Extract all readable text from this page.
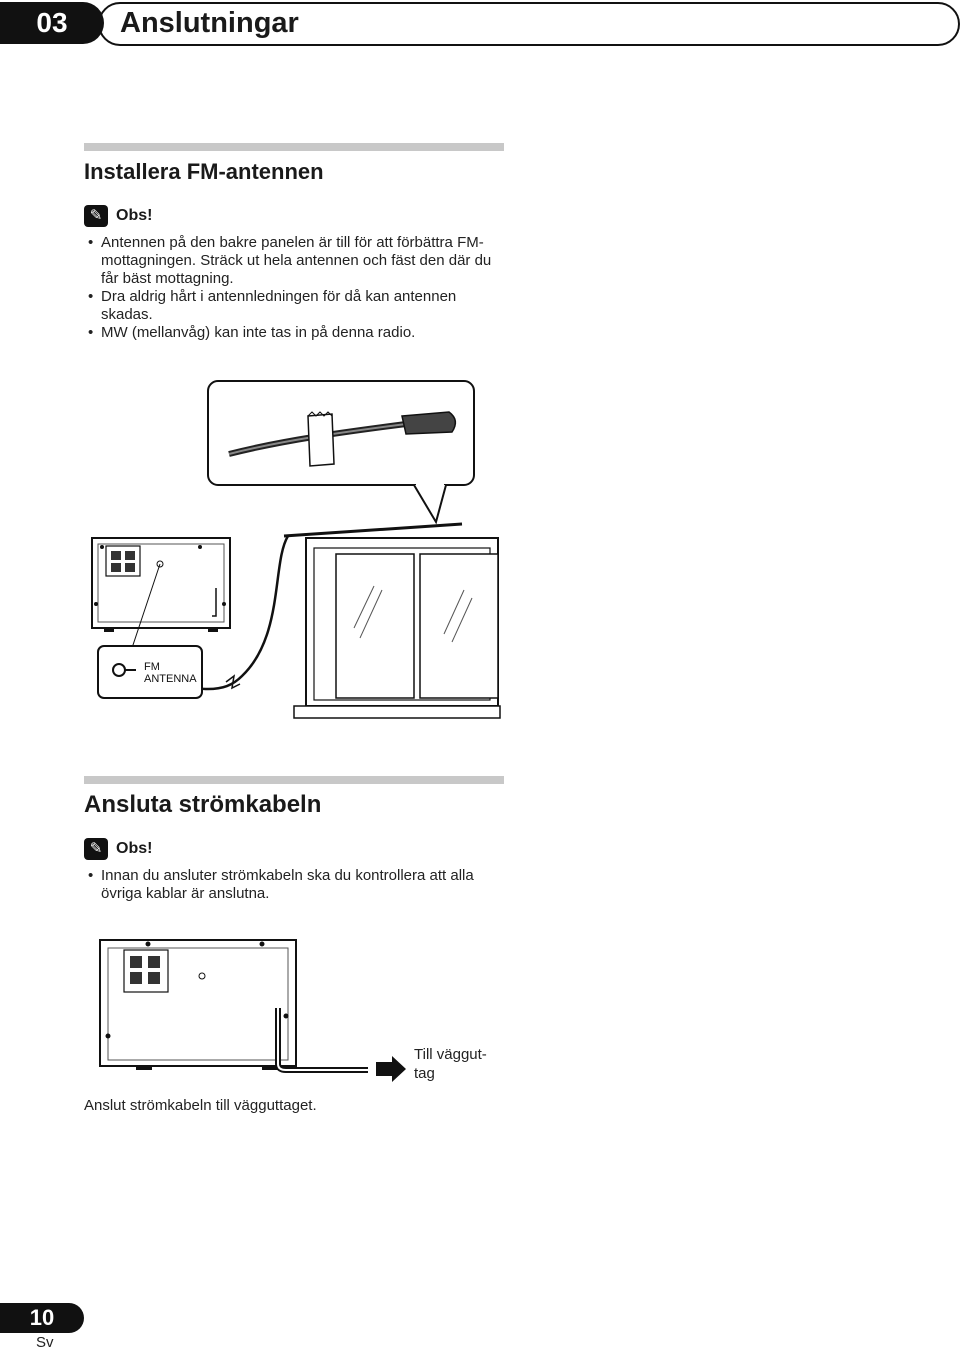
03	Anslutningar
Installera FM-antennen
✎ Obs!
• Antennen på den bakre panelen är till för att förbättra FM-mottagningen. Sträck ut hela antennen och fäst den där du får bäst mottagning.
• Dra aldrig hårt i antennledningen för då kan antennen skadas.
• MW (mellanvåg) kan inte tas in på denna radio.
FM
ANTENNA
Ansluta strömkabeln
✎ Obs!
• Innan du ansluter strömkabeln ska du kontrollera att alla övriga kablar är anslutna.
Till väggut-
tag
Anslut strömkabeln till vägguttaget.
10
Sv
